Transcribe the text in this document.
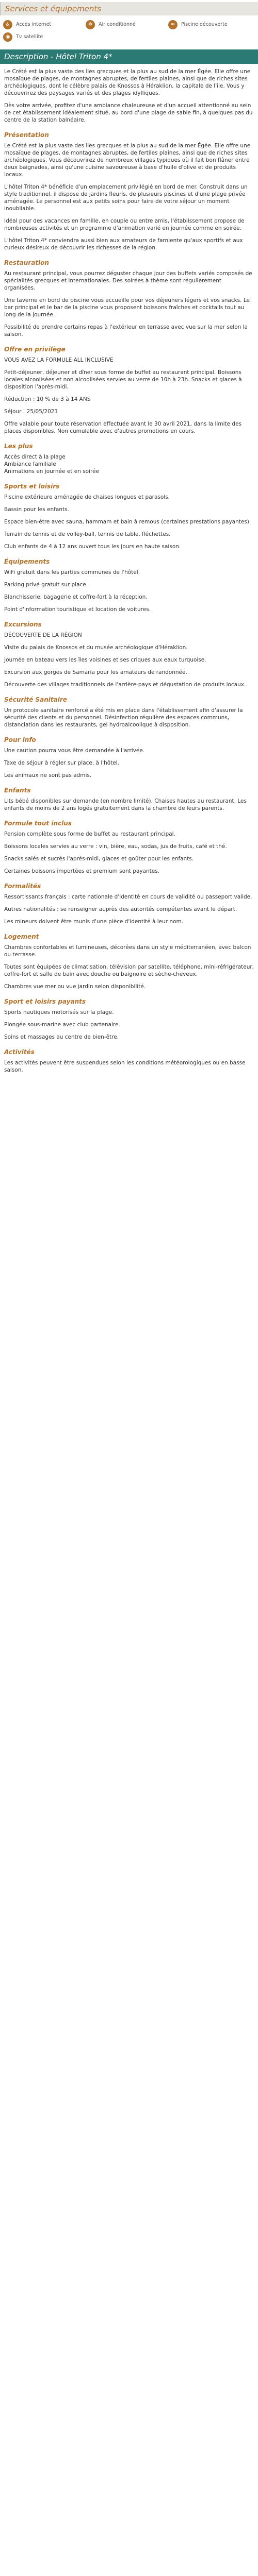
Services et équipements
♿	Accès internet	❄	Air conditionné	≈	Piscine découverte
◉	Tv satellite
Description - Hôtel Triton 4*

Le Crété est la plus vaste des îles grecques et la plus au sud de la mer Égée. Elle offre une mosaïque de plages, de montagnes abruptes, de fertiles plaines, ainsi que de riches sites archéologiques, dont le célèbre palais de Knossos à Héraklion, la capitale de l'île. Vous y découvrirez des paysages variés et des plages idylliques.

Dès votre arrivée, profitez d'une ambiance chaleureuse et d'un accueil attentionné au sein de cet établissement idéalement situé, au bord d'une plage de sable fin, à quelques pas du centre de la station balnéaire.

Présentation

Le Crété est la plus vaste des îles grecques et la plus au sud de la mer Égée. Elle offre une mosaïque de plages, de montagnes abruptes, de fertiles plaines, ainsi que de riches sites archéologiques. Vous découvrirez de nombreux villages typiques où il fait bon flâner entre deux baignades, ainsi qu'une cuisine savoureuse à base d'huile d'olive et de produits locaux.

L'hôtel Triton 4* bénéficie d'un emplacement privilégié en bord de mer. Construit dans un style traditionnel, il dispose de jardins fleuris, de plusieurs piscines et d'une plage privée aménagée. Le personnel est aux petits soins pour faire de votre séjour un moment inoubliable.

Idéal pour des vacances en famille, en couple ou entre amis, l'établissement propose de nombreuses activités et un programme d'animation varié en journée comme en soirée.

L'hôtel Triton 4* conviendra aussi bien aux amateurs de farniente qu'aux sportifs et aux curieux désireux de découvrir les richesses de la région.

Restauration

Au restaurant principal, vous pourrez déguster chaque jour des buffets variés composés de spécialités grecques et internationales. Des soirées à thème sont régulièrement organisées.

Une taverne en bord de piscine vous accueille pour vos déjeuners légers et vos snacks. Le bar principal et le bar de la piscine vous proposent boissons fraîches et cocktails tout au long de la journée.

Possibilité de prendre certains repas à l'extérieur en terrasse avec vue sur la mer selon la saison.

Offre en privilège

VOUS AVEZ LA FORMULE ALL INCLUSIVE

Petit-déjeuner, déjeuner et dîner sous forme de buffet au restaurant principal. Boissons locales alcoolisées et non alcoolisées servies au verre de 10h à 23h. Snacks et glaces à disposition l'après-midi.

Réduction : 10 % de 3 à 14 ANS

Séjour : 25/05/2021

Offre valable pour toute réservation effectuée avant le 30 avril 2021, dans la limite des places disponibles. Non cumulable avec d'autres promotions en cours.

Les plus
Accès direct à la plage
Ambiance familiale
Animations en journée et en soirée
Sports et loisirs

Piscine extérieure aménagée de chaises longues et parasols.

Bassin pour les enfants.

Espace bien-être avec sauna, hammam et bain à remous (certaines prestations payantes).

Terrain de tennis et de volley-ball, tennis de table, fléchettes.

Club enfants de 4 à 12 ans ouvert tous les jours en haute saison.

Équipements

WiFi gratuit dans les parties communes de l'hôtel.

Parking privé gratuit sur place.

Blanchisserie, bagagerie et coffre-fort à la réception.

Point d'information touristique et location de voitures.

Excursions

DÉCOUVERTE DE LA RÉGION

Visite du palais de Knossos et du musée archéologique d'Héraklion.

Journée en bateau vers les îles voisines et ses criques aux eaux turquoise.

Excursion aux gorges de Samaria pour les amateurs de randonnée.

Découverte des villages traditionnels de l'arrière-pays et dégustation de produits locaux.

Sécurité Sanitaire

Un protocole sanitaire renforcé a été mis en place dans l'établissement afin d'assurer la sécurité des clients et du personnel. Désinfection régulière des espaces communs, distanciation dans les restaurants, gel hydroalcoolique à disposition.

Pour info

Une caution pourra vous être demandée à l'arrivée.

Taxe de séjour à régler sur place, à l'hôtel.

Les animaux ne sont pas admis.

Enfants

Lits bébé disponibles sur demande (en nombre limité). Chaises hautes au restaurant. Les enfants de moins de 2 ans logés gratuitement dans la chambre de leurs parents.

Formule tout inclus

Pension complète sous forme de buffet au restaurant principal.

Boissons locales servies au verre : vin, bière, eau, sodas, jus de fruits, café et thé.

Snacks salés et sucrés l'après-midi, glaces et goûter pour les enfants.

Certaines boissons importées et premium sont payantes.

Formalités

Ressortissants français : carte nationale d'identité en cours de validité ou passeport valide.

Autres nationalités : se renseigner auprès des autorités compétentes avant le départ.

Les mineurs doivent être munis d'une pièce d'identité à leur nom.

Logement

Chambres confortables et lumineuses, décorées dans un style méditerranéen, avec balcon ou terrasse.

Toutes sont équipées de climatisation, télévision par satellite, téléphone, mini-réfrigérateur, coffre-fort et salle de bain avec douche ou baignoire et sèche-cheveux.

Chambres vue mer ou vue jardin selon disponibilité.

Sport et loisirs payants

Sports nautiques motorisés sur la plage.

Plongée sous-marine avec club partenaire.

Soins et massages au centre de bien-être.

Activités

Les activités peuvent être suspendues selon les conditions météorologiques ou en basse saison.
